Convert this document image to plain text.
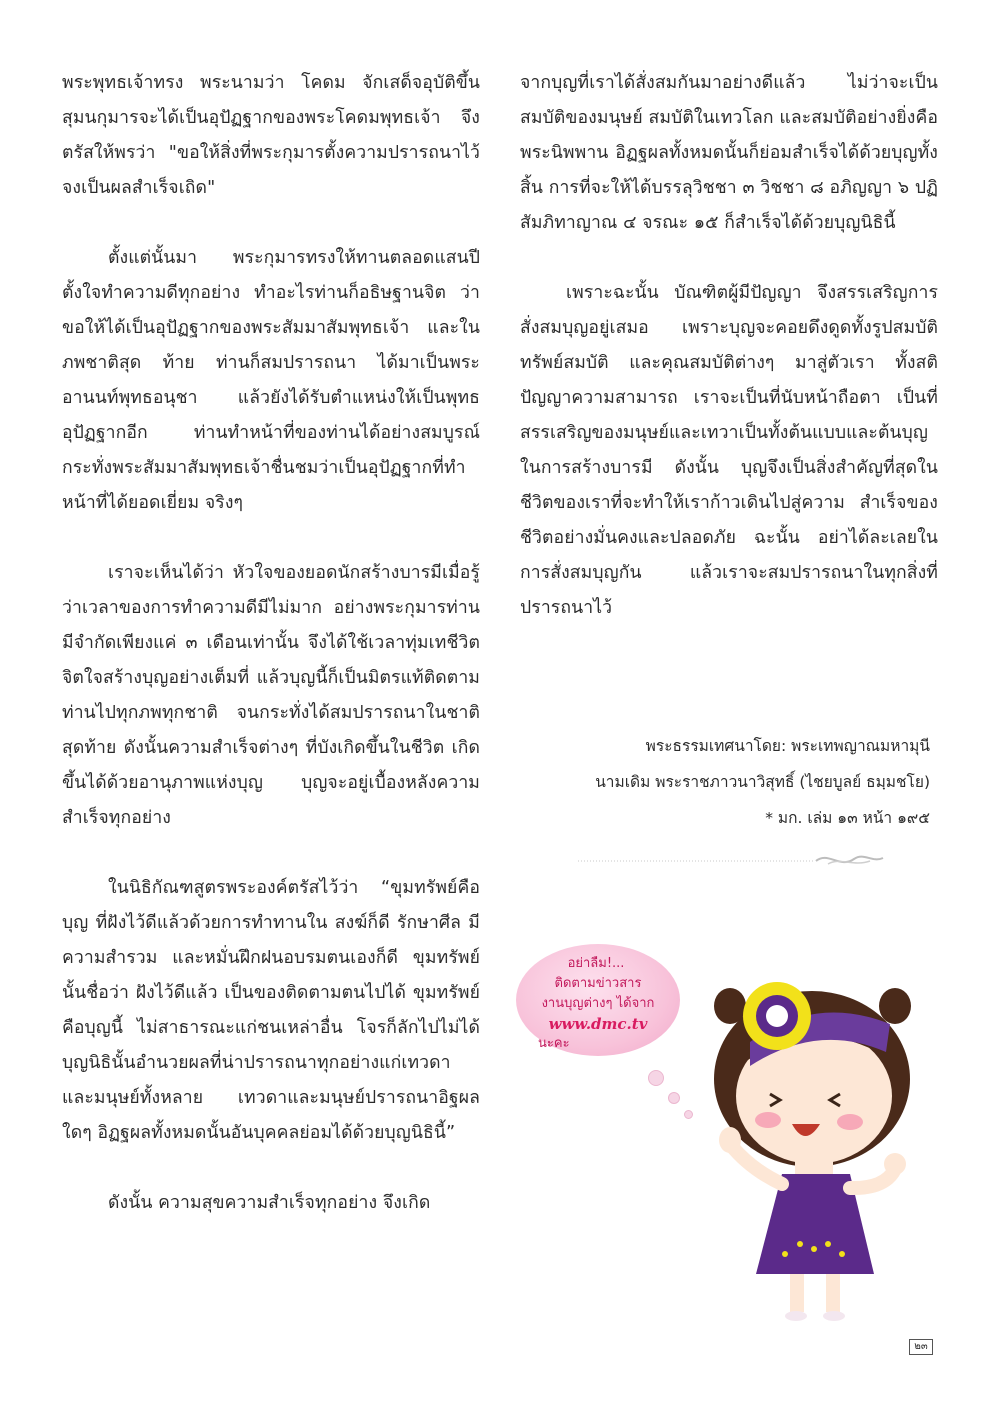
พระพุทธเจ้าทรง พระนามว่า โคดม จักเสด็จอุบัติขึ้น สุมนกุมารจะได้เป็นอุปัฏฐากของพระโคดมพุทธเจ้า จึงตรัสให้พรว่า "ขอให้สิ่งที่พระกุมารตั้งความปรารถนาไว้ จงเป็นผลสำเร็จเถิด"

ตั้งแต่นั้นมา พระกุมารทรงให้ทานตลอดแสนปี ตั้งใจทำความดีทุกอย่าง ทำอะไรท่านก็อธิษฐานจิต ว่า ขอให้ได้เป็นอุปัฏฐากของพระสัมมาสัมพุทธเจ้า และในภพชาติสุด ท้าย ท่านก็สมปรารถนา ได้มาเป็นพระอานนท์พุทธอนุชา แล้วยังได้รับตำแหน่งให้เป็นพุทธอุปัฏฐากอีก ท่านทำหน้าที่ของท่านได้อย่างสมบูรณ์ กระทั่งพระสัมมาสัมพุทธเจ้าชื่นชมว่าเป็นอุปัฏฐากที่ทำหน้าที่ได้ยอดเยี่ยม จริงๆ

เราจะเห็นได้ว่า หัวใจของยอดนักสร้างบารมีเมื่อรู้ว่าเวลาของการทำความดีมีไม่มาก อย่างพระกุมารท่านมีจำกัดเพียงแค่ ๓ เดือนเท่านั้น จึงได้ใช้เวลาทุ่มเทชีวิตจิตใจสร้างบุญอย่างเต็มที่ แล้วบุญนี้ก็เป็นมิตรแท้ติดตามท่านไปทุกภพทุกชาติ จนกระทั่งได้สมปรารถนาในชาติสุดท้าย ดังนั้นความสำเร็จต่างๆ ที่บังเกิดขึ้นในชีวิต เกิดขึ้นได้ด้วยอานุภาพแห่งบุญ บุญจะอยู่เบื้องหลังความสำเร็จทุกอย่าง

ในนิธิกัณฑสูตรพระองค์ตรัสไว้ว่า “ขุมทรัพย์คือ บุญ ที่ฝังไว้ดีแล้วด้วยการทำทานใน สงฆ์ก็ดี รักษาศีล มีความสำรวม และหมั่นฝึกฝนอบรมตนเองก็ดี ขุมทรัพย์นั้นชื่อว่า ฝังไว้ดีแล้ว เป็นของติดตามตนไปได้ ขุมทรัพย์คือบุญนี้ ไม่สาธารณะแก่ชนเหล่าอื่น โจรก็ลักไปไม่ได้ บุญนิธินั้นอำนวยผลที่น่าปรารถนาทุกอย่างแก่เทวดาและมนุษย์ทั้งหลาย เทวดาและมนุษย์ปรารถนาอิฐผลใดๆ อิฏฐผลทั้งหมดนั้นอันบุคคลย่อมได้ด้วยบุญนิธินี้”

ดังนั้น ความสุขความสำเร็จทุกอย่าง จึงเกิด

จากบุญที่เราได้สั่งสมกันมาอย่างดีแล้ว ไม่ว่าจะเป็นสมบัติของมนุษย์ สมบัติในเทวโลก และสมบัติอย่างยิ่งคือพระนิพพาน อิฏฐผลทั้งหมดนั้นก็ย่อมสำเร็จได้ด้วยบุญทั้งสิ้น การที่จะให้ได้บรรลุวิชชา ๓ วิชชา ๘ อภิญญา ๖ ปฏิสัมภิทาญาณ ๔ จรณะ ๑๕ ก็สำเร็จได้ด้วยบุญนิธินี้

เพราะฉะนั้น บัณฑิตผู้มีปัญญา จึงสรรเสริญการสั่งสมบุญอยู่เสมอ เพราะบุญจะคอยดึงดูดทั้งรูปสมบัติ ทรัพย์สมบัติ และคุณสมบัติต่างๆ มาสู่ตัวเรา ทั้งสติปัญญาความสามารถ เราจะเป็นที่นับหน้าถือตา เป็นที่สรรเสริญของมนุษย์และเทวาเป็นทั้งต้นแบบและต้นบุญในการสร้างบารมี ดังนั้น บุญจึงเป็นสิ่งสำคัญที่สุดในชีวิตของเราที่จะทำให้เราก้าวเดินไปสู่ความ สำเร็จของชีวิตอย่างมั่นคงและปลอดภัย ฉะนั้น อย่าได้ละเลยในการสั่งสมบุญกัน แล้วเราจะสมปรารถนาในทุกสิ่งที่ปรารถนาไว้

พระธรรมเทศนาโดย: พระเทพญาณมหามุนี
นามเดิม พระราชภาวนาวิสุทธิ์ (ไชยบูลย์ ธมฺมชโย)
* มก. เล่ม ๑๓ หน้า ๑๙๕
อย่าลืม!...
ติดตามข่าวสาร
งานบุญต่างๆ ได้จาก
www.dmc.tv
นะคะ
๒๓
